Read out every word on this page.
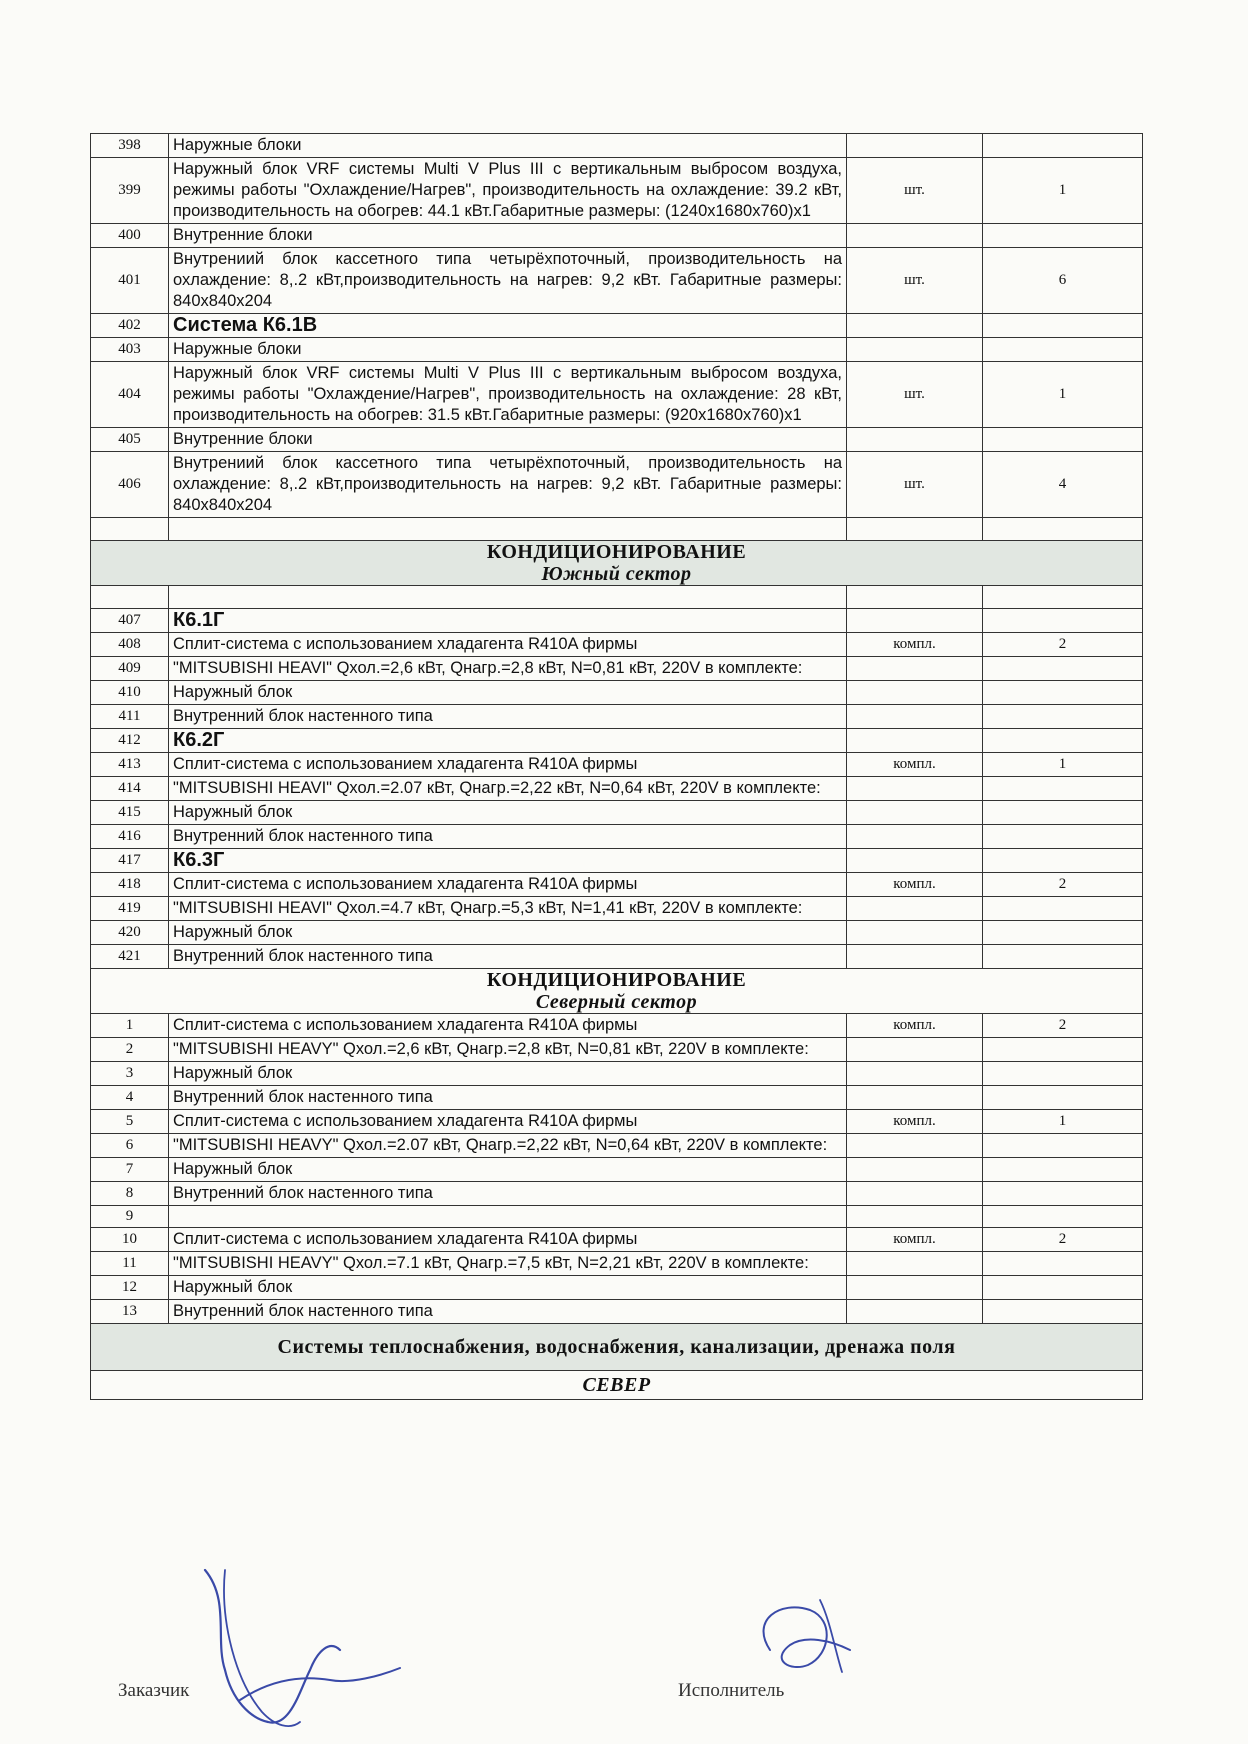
398	Наружные блоки		
399	Наружный блок VRF системы Multi V Plus III с вертикальным выбросом воздуха, режимы работы "Охлаждение/Нагрев", производительность на охлаждение: 39.2 кВт, производительность на обогрев: 44.1 кВт.Габаритные размеры: (1240х1680х760)х1	шт.	1
400	Внутренние блоки		
401	Внутрениий блок кассетного типа четырёхпоточный, производительность на охлаждение: 8,.2 кВт,производительность на нагрев: 9,2 кВт. Габаритные размеры: 840х840х204	шт.	6
402	Система К6.1В		
403	Наружные блоки		
404	Наружный блок VRF системы Multi V Plus III с вертикальным выбросом воздуха, режимы работы "Охлаждение/Нагрев", производительность на охлаждение: 28 кВт, производительность на обогрев: 31.5 кВт.Габаритные размеры: (920х1680х760)х1	шт.	1
405	Внутренние блоки		
406	Внутрениий блок кассетного типа четырёхпоточный, производительность на охлаждение: 8,.2 кВт,производительность на нагрев: 9,2 кВт. Габаритные размеры: 840х840х204	шт.	4

КОНДИЦИОНИРОВАНИЕ
Южный сектор			

407	К6.1Г		
408	Сплит-система с использованием хладагента R410A фирмы	компл.	2
409	"MITSUBISHI HEAVI" Qхол.=2,6 кВт, Qнагр.=2,8 кВт, N=0,81 кВт, 220V в комплекте:		
410	Наружный блок		
411	Внутренний блок настенного типа		
412	К6.2Г		
413	Сплит-система с использованием хладагента R410A фирмы	компл.	1
414	"MITSUBISHI HEAVI" Qхол.=2.07 кВт, Qнагр.=2,22 кВт, N=0,64 кВт, 220V в комплекте:		
415	Наружный блок		
416	Внутренний блок настенного типа		
417	К6.3Г		
418	Сплит-система с использованием хладагента R410A фирмы	компл.	2
419	"MITSUBISHI HEAVI" Qхол.=4.7 кВт, Qнагр.=5,3 кВт, N=1,41 кВт, 220V в комплекте:		
420	Наружный блок		
421	Внутренний блок настенного типа		

КОНДИЦИОНИРОВАНИЕ
Северный сектор			

1	Сплит-система с использованием хладагента R410A фирмы	компл.	2
2	"MITSUBISHI HEAVY" Qхол.=2,6 кВт, Qнагр.=2,8 кВт, N=0,81 кВт, 220V в комплекте:		
3	Наружный блок		
4	Внутренний блок настенного типа		
5	Сплит-система с использованием хладагента R410A фирмы	компл.	1
6	"MITSUBISHI HEAVY" Qхол.=2.07 кВт, Qнагр.=2,22 кВт, N=0,64 кВт, 220V в комплекте:		
7	Наружный блок		
8	Внутренний блок настенного типа		
9			
10	Сплит-система с использованием хладагента R410A фирмы	компл.	2
11	"MITSUBISHI HEAVY" Qхол.=7.1 кВт, Qнагр.=7,5 кВт, N=2,21 кВт, 220V в комплекте:		
12	Наружный блок		
13	Внутренний блок настенного типа		

Системы теплоснабжения, водоснабжения, канализации, дренажа поля			

СЕВЕР			
Заказчик	Исполнитель
